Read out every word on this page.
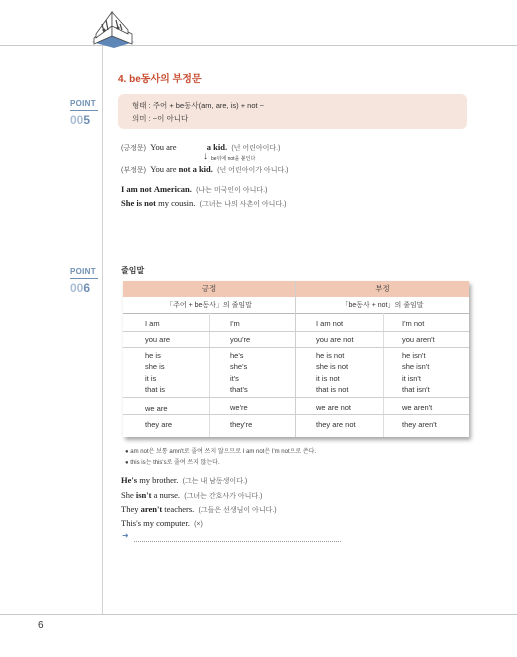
4. be동사의 부정문
POINT
005
형태 : 주어 + be동사(am, are, is) + not ~
의미 : ~이 아니다
(긍정문) You are	a kid. (넌 어린아이다.)
↓ be뒤에 not을 붙인다
(부정문) You are not a kid. (넌 어린아이가 아니다.)
I am not American. (나는 미국인이 아니다.)
She is not my cousin. (그녀는 나의 사촌이 아니다.)
POINT
006
줄임말
긍정	부정
「주어 + be동사」의 줄임말	「be동사 + not」의 줄임말
I am	I'm	I am not	I'm not
you are	you're	you are not	you aren't
he is	he's	he is not	he isn't
she is	she's	she is not	she isn't
it is	it's	it is not	it isn't
that is	that's	that is not	that isn't
we are	we're	we are not	we aren't
they are	they're	they are not	they aren't
● am not은 보통 amn't로 줄여 쓰지 않으므로 I am not은 I'm not으로 쓴다.
● this is는 this's로 줄여 쓰지 않는다.
He's my brother. (그는 내 남동생이다.)
She isn't a nurse. (그녀는 간호사가 아니다.)
They aren't teachers. (그들은 선생님이 아니다.)
This's my computer. (×)
➜
6
